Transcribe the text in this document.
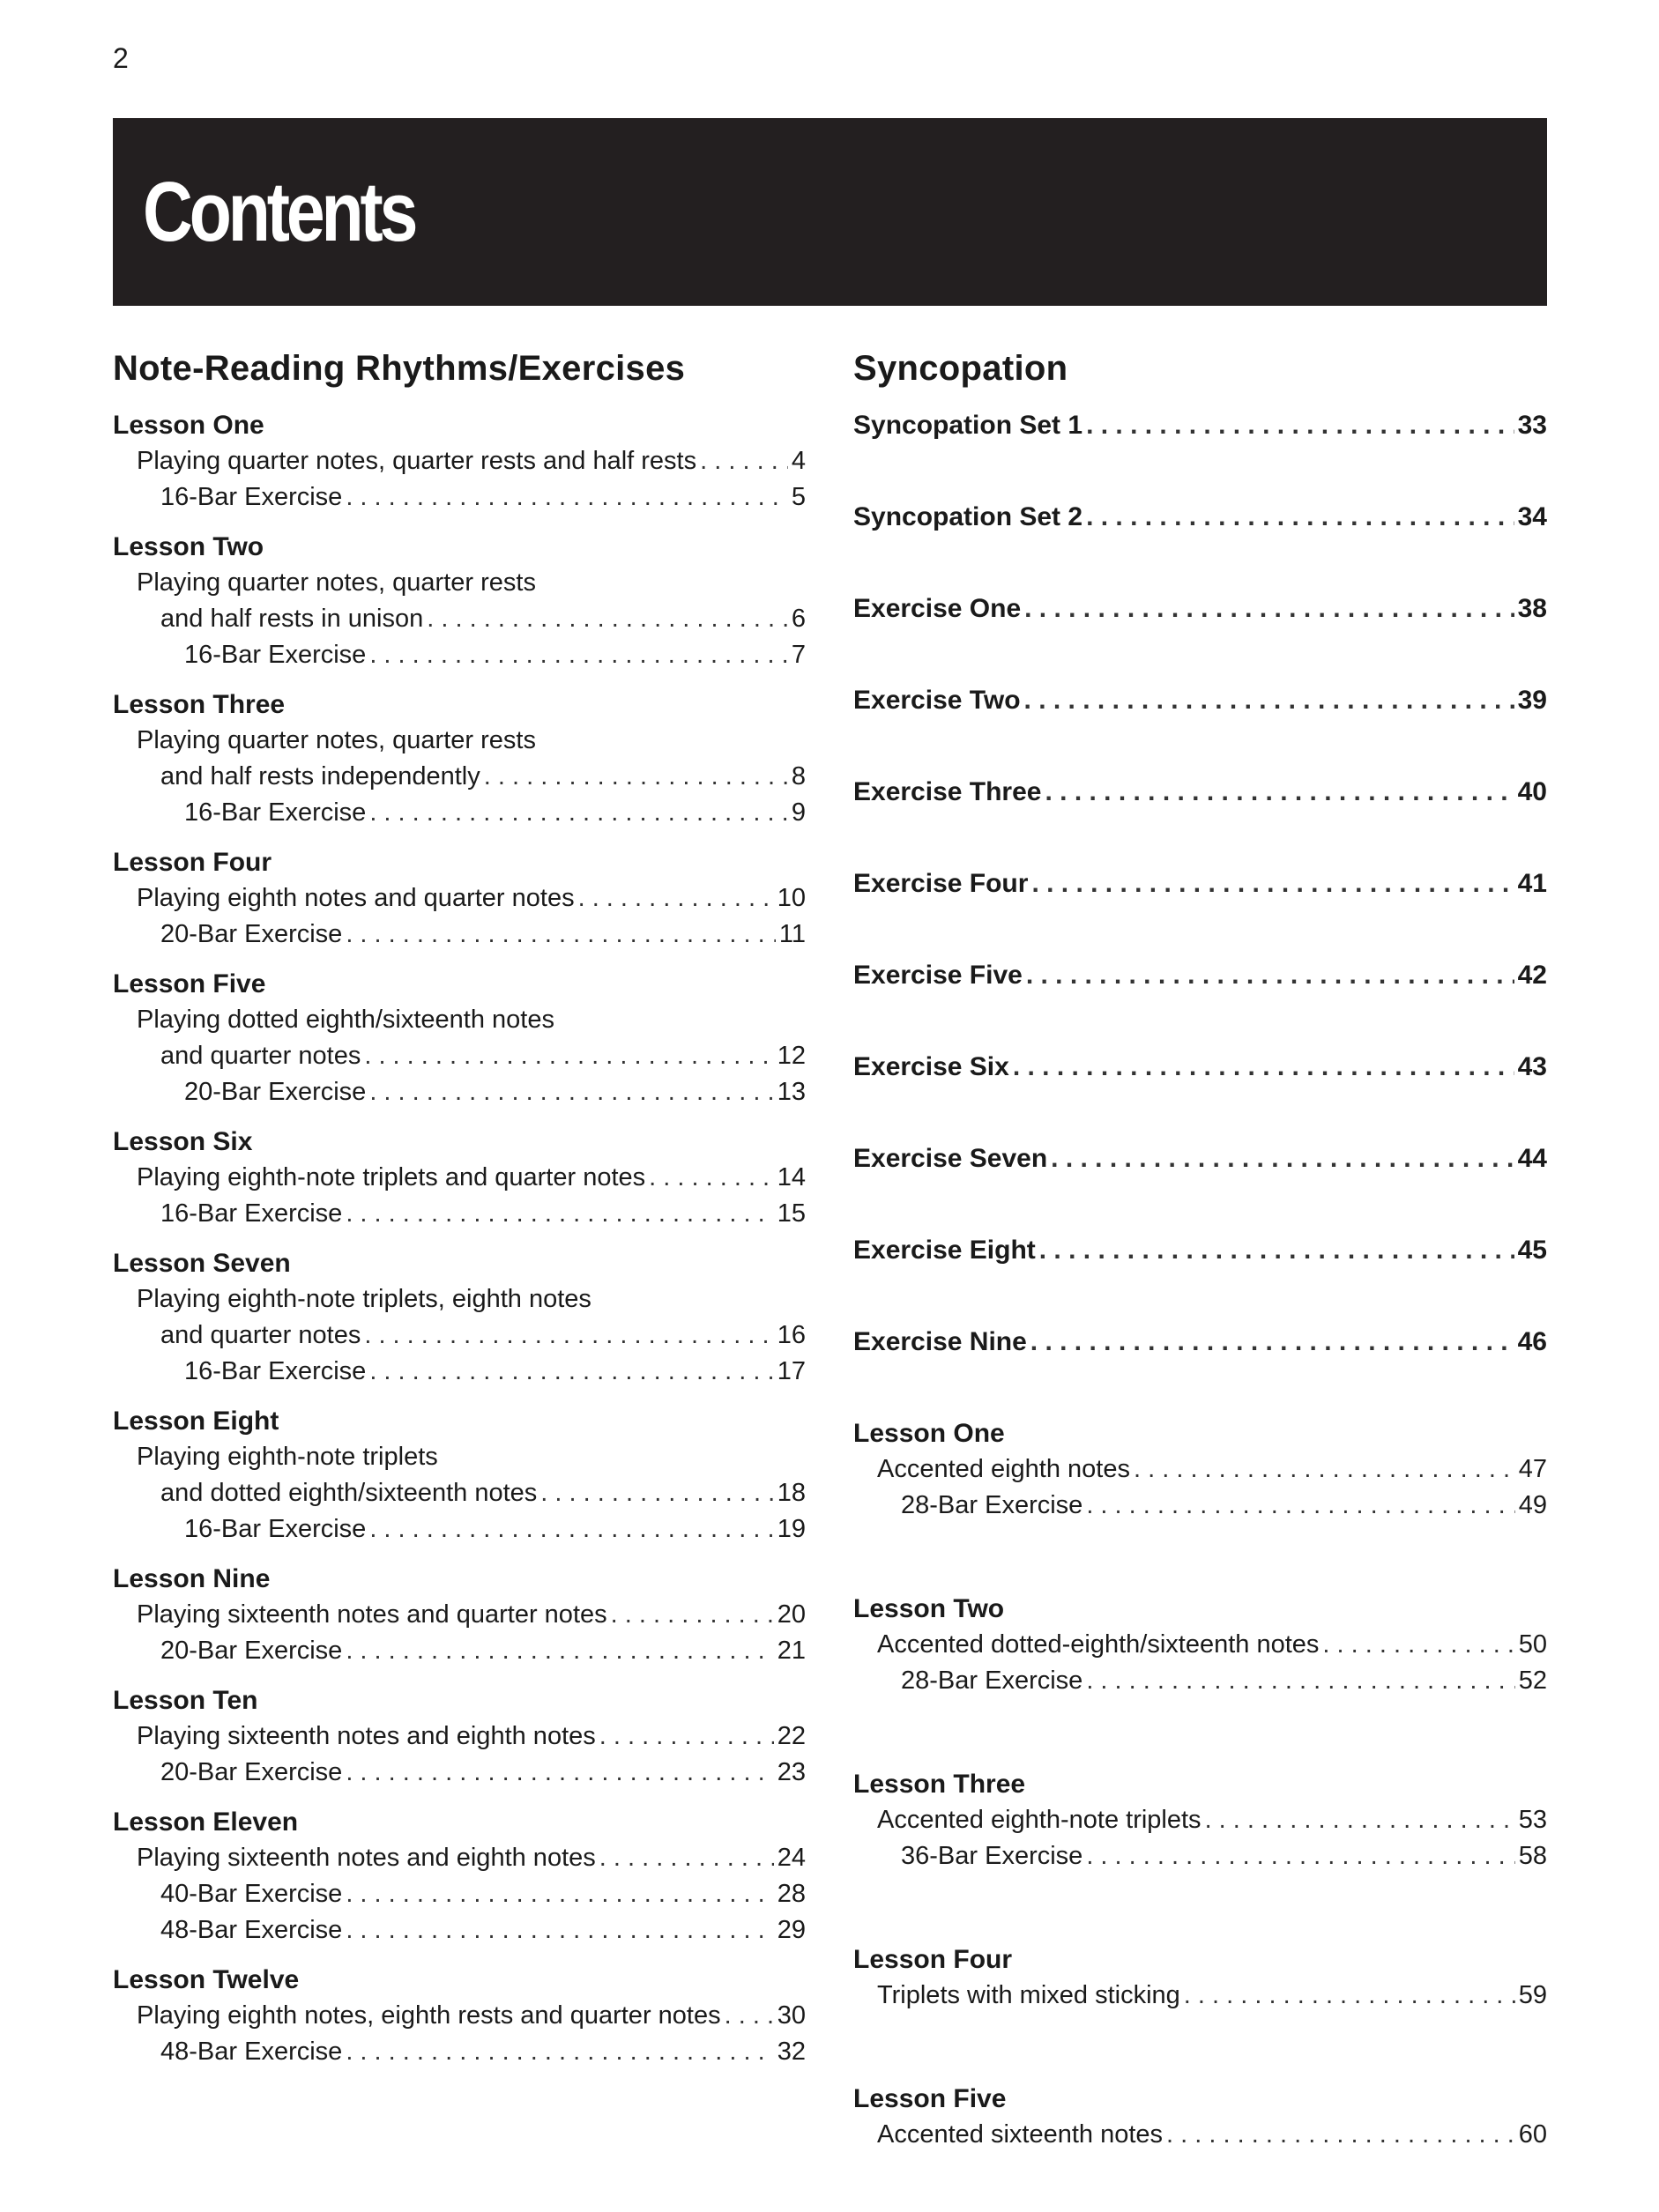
2
Contents
Note-Reading Rhythms/Exercises
Lesson One
Playing quarter notes, quarter rests and half rests . . .	4
16-Bar Exercise . . .	5
Lesson Two
Playing quarter notes, quarter rests
and half rests in unison . . .	6
16-Bar Exercise . . .	7
Lesson Three
Playing quarter notes, quarter rests
and half rests independently . . .	8
16-Bar Exercise . . .	9
Lesson Four
Playing eighth notes and quarter notes . . .	10
20-Bar Exercise . . .	11
Lesson Five
Playing dotted eighth/sixteenth notes
and quarter notes . . .	12
20-Bar Exercise . . .	13
Lesson Six
Playing eighth-note triplets and quarter notes . . .	14
16-Bar Exercise . . .	15
Lesson Seven
Playing eighth-note triplets, eighth notes
and quarter notes . . .	16
16-Bar Exercise . . .	17
Lesson Eight
Playing eighth-note triplets
and dotted eighth/sixteenth notes . . .	18
16-Bar Exercise . . .	19
Lesson Nine
Playing sixteenth notes and quarter notes . . .	20
20-Bar Exercise . . .	21
Lesson Ten
Playing sixteenth notes and eighth notes . . .	22
20-Bar Exercise . . .	23
Lesson Eleven
Playing sixteenth notes and eighth notes . . .	24
40-Bar Exercise . . .	28
48-Bar Exercise . . .	29
Lesson Twelve
Playing eighth notes, eighth rests and quarter notes . . . 30
48-Bar Exercise . . .	32
Syncopation
Syncopation Set 1 . . .	33
Syncopation Set 2 . . .	34
Exercise One . . .	38
Exercise Two . . .	39
Exercise Three . . .	40
Exercise Four . . .	41
Exercise Five . . .	42
Exercise Six . . .	43
Exercise Seven . . .	44
Exercise Eight . . .	45
Exercise Nine . . .	46
Lesson One
Accented eighth notes . . .	47
28-Bar Exercise . . .	49
Lesson Two
Accented dotted-eighth/sixteenth notes . . .	50
28-Bar Exercise . . .	52
Lesson Three
Accented eighth-note triplets . . .	53
36-Bar Exercise . . .	58
Lesson Four
Triplets with mixed sticking . . .	59
Lesson Five
Accented sixteenth notes . . .	60
